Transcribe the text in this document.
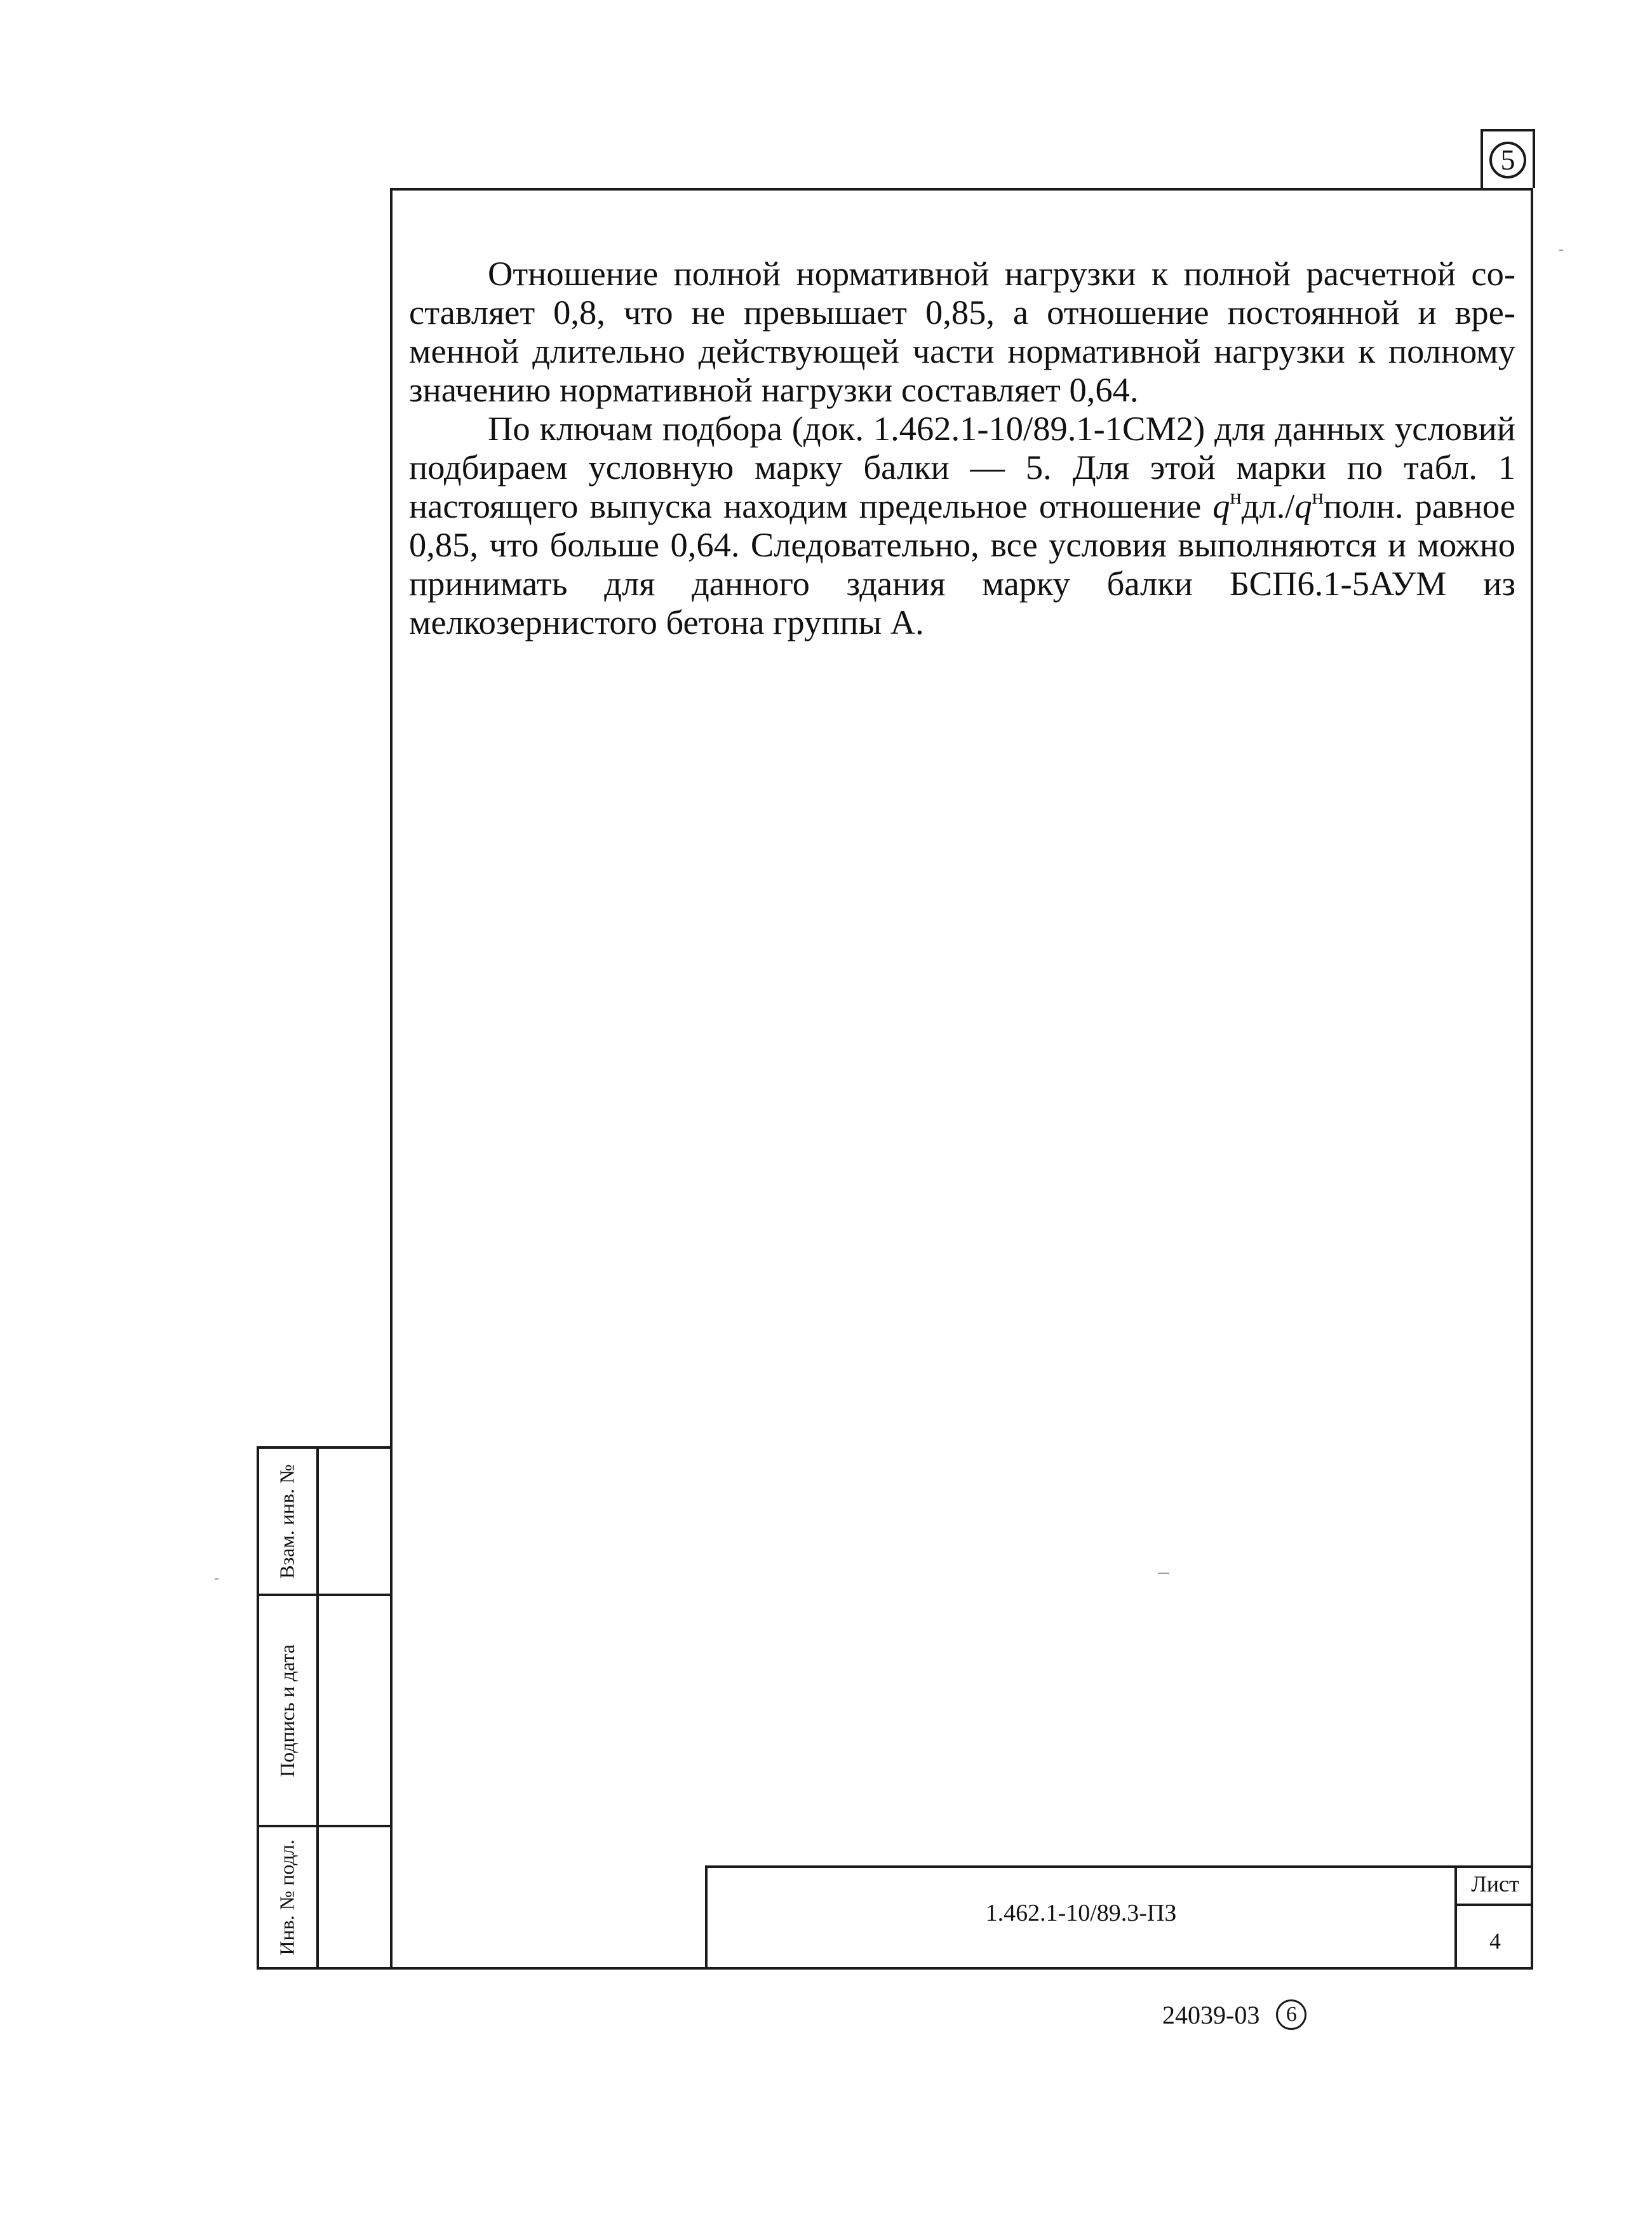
5

Отношение полной нормативной нагрузки к полной расчетной составляет 0,8, что не превышает 0,85, а отношение постоянной и временной длительно действующей части нормативной нагрузки к полному значению нормативной нагрузки составляет 0,64.

По ключам подбора (док. 1.462.1-10/89.1-1СМ2) для данных условий подбираем условную марку балки — 5. Для этой марки по табл. 1 настоящего выпуска находим предельное отношение $q^ндл./q^нполн$. равное 0,85, что больше 0,64. Следовательно, все условия выполняются и можно принимать для данного здания марку балки БСП6.1-5АУМ из мелкозернистого бетона группы А.

Взам. инв. №
Подпись и дата
Инв. № подл.	1.462.1-10/89.3-ПЗ
Лист
4
24039-03	6
